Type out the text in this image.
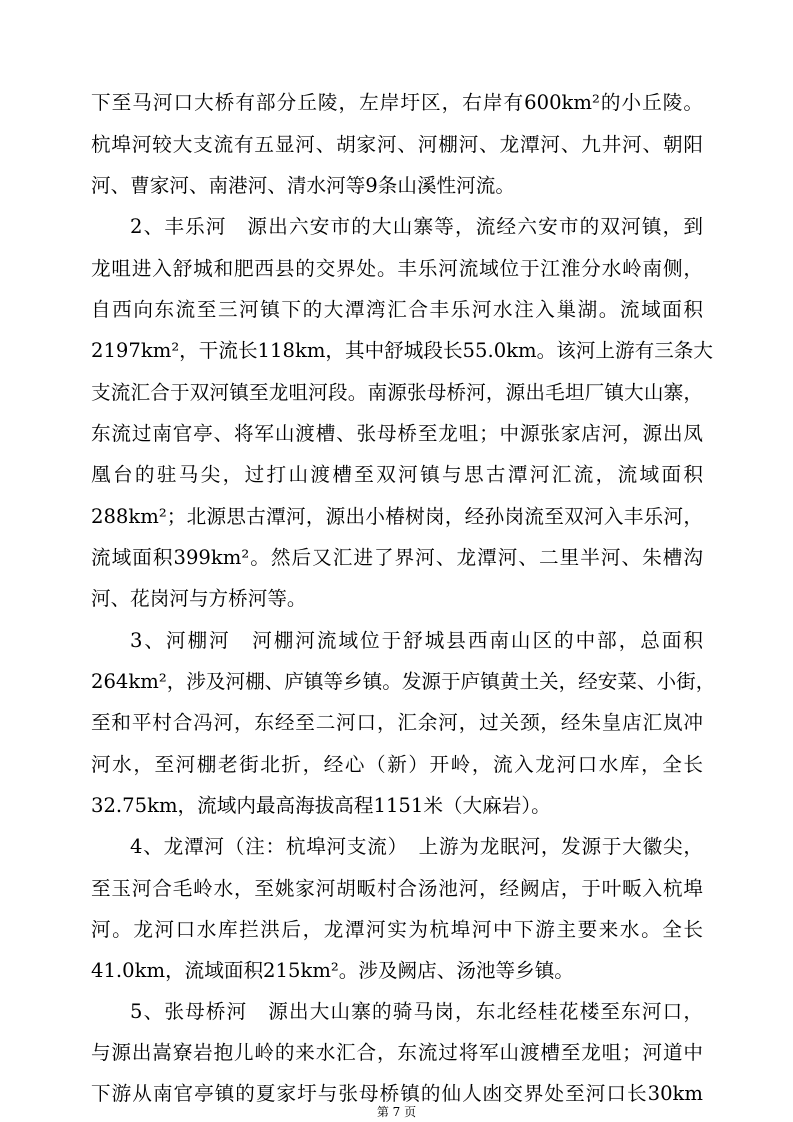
下至马河口大桥有部分丘陵，左岸圩区，右岸有600km²的小丘陵。
杭埠河较大支流有五显河、胡家河、河棚河、龙潭河、九井河、朝阳
河、曹家河、南港河、清水河等9条山溪性河流。
2、丰乐河　源出六安市的大山寨等，流经六安市的双河镇，到
龙咀进入舒城和肥西县的交界处。丰乐河流域位于江淮分水岭南侧，
自西向东流至三河镇下的大潭湾汇合丰乐河水注入巢湖。流域面积
2197km²，干流长118km，其中舒城段长55.0km。该河上游有三条大
支流汇合于双河镇至龙咀河段。南源张母桥河，源出毛坦厂镇大山寨，
东流过南官亭、将军山渡槽、张母桥至龙咀；中源张家店河，源出凤
凰台的驻马尖，过打山渡槽至双河镇与思古潭河汇流，流域面积
288km²；北源思古潭河，源出小椿树岗，经孙岗流至双河入丰乐河，
流域面积399km²。然后又汇进了界河、龙潭河、二里半河、朱槽沟
河、花岗河与方桥河等。
3、河棚河　河棚河流域位于舒城县西南山区的中部，总面积
264km²，涉及河棚、庐镇等乡镇。发源于庐镇黄土关，经安菜、小街，
至和平村合冯河，东经至二河口，汇余河，过关颈，经朱皇店汇岚冲
河水，至河棚老街北折，经心（新）开岭，流入龙河口水库，全长
32.75km，流域内最高海拔高程1151米（大麻岩）。
4、龙潭河（注：杭埠河支流）　上游为龙眠河，发源于大徽尖，
至玉河合毛岭水，至姚家河胡畈村合汤池河，经阙店，于叶畈入杭埠
河。龙河口水库拦洪后，龙潭河实为杭埠河中下游主要来水。全长
41.0km，流域面积215km²。涉及阙店、汤池等乡镇。
5、张母桥河　源出大山寨的骑马岗，东北经桂花楼至东河口，
与源出嵩寮岩抱儿岭的来水汇合，东流过将军山渡槽至龙咀；河道中
下游从南官亭镇的夏家圩与张母桥镇的仙人凼交界处至河口长30km
第 7 页
